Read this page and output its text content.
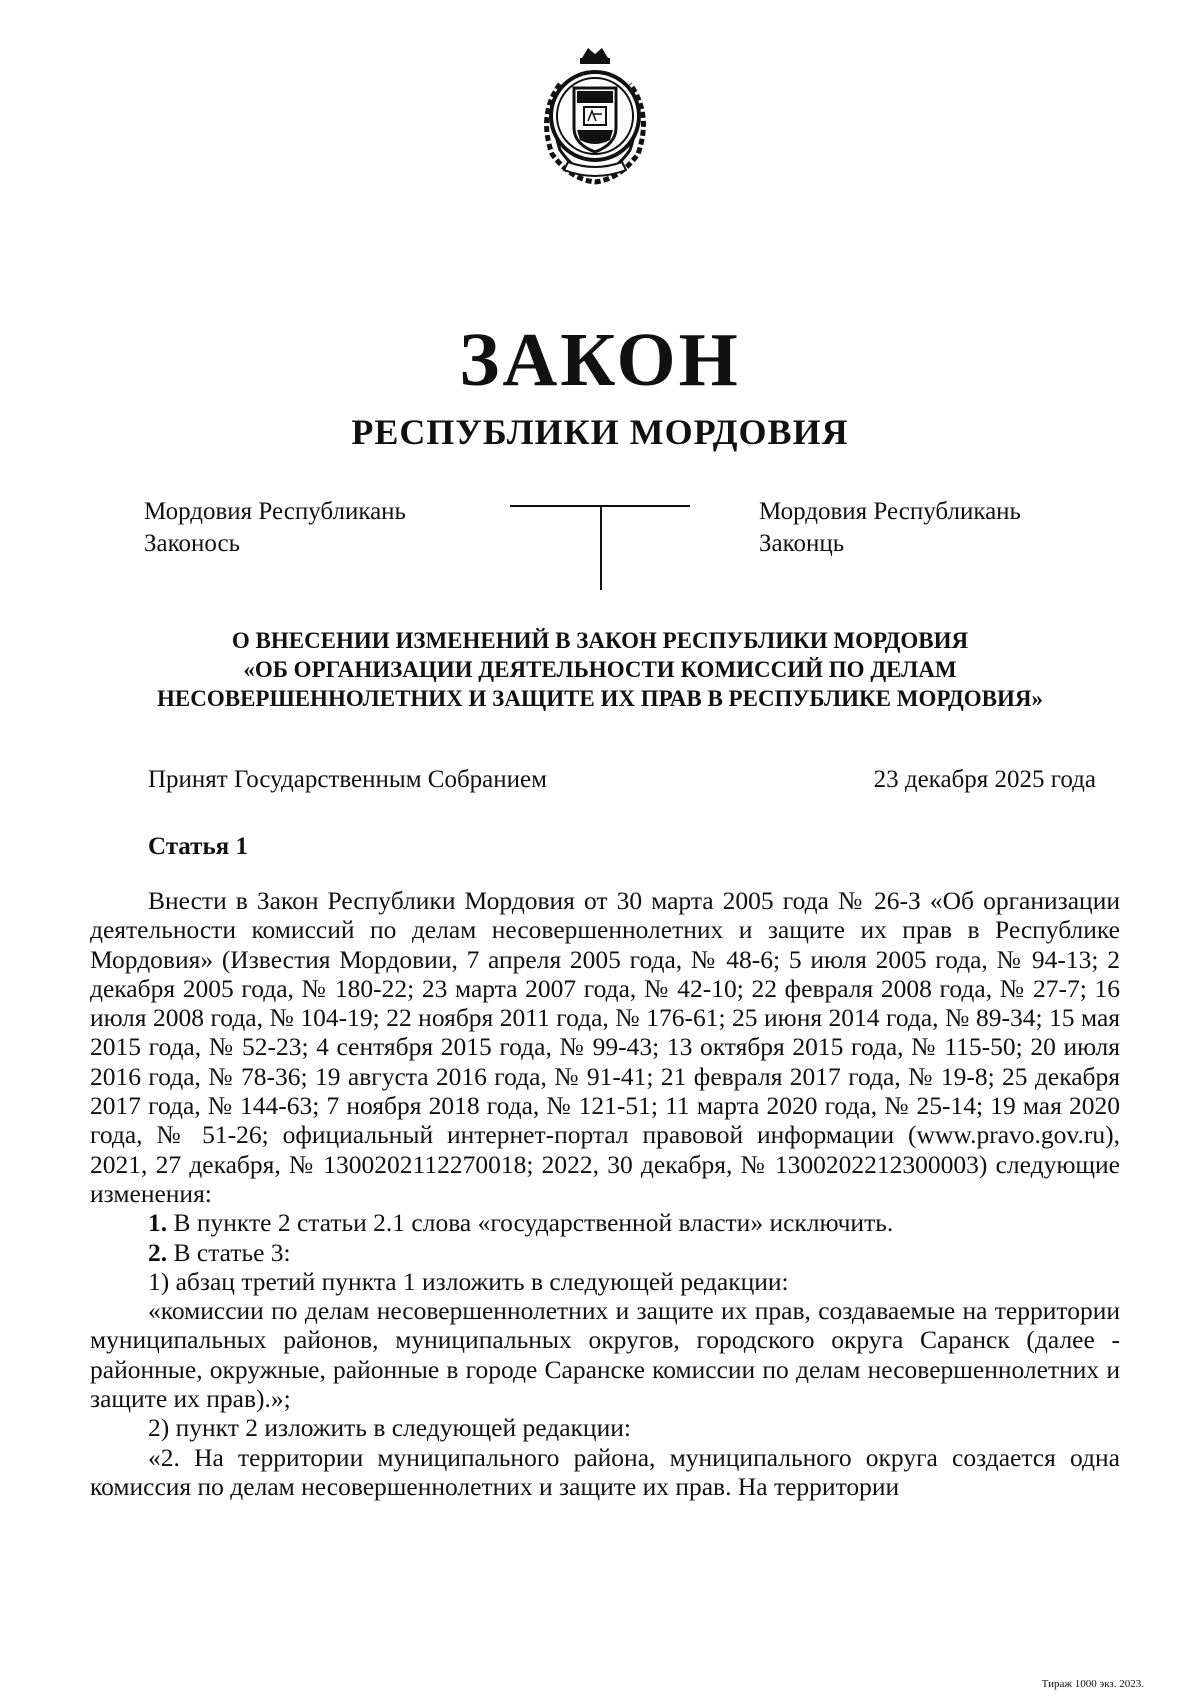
ЗАКОН
РЕСПУБЛИКИ МОРДОВИЯ
Мордовия Республикань
Законось
Мордовия Республикань
Законць
О ВНЕСЕНИИ ИЗМЕНЕНИЙ В ЗАКОН РЕСПУБЛИКИ МОРДОВИЯ
«ОБ ОРГАНИЗАЦИИ ДЕЯТЕЛЬНОСТИ КОМИССИЙ ПО ДЕЛАМ
НЕСОВЕРШЕННОЛЕТНИХ И ЗАЩИТЕ ИХ ПРАВ В РЕСПУБЛИКЕ МОРДОВИЯ»
Принят Государственным Собранием	23 декабря 2025 года
Статья 1

Внести в Закон Республики Мордовия от 30 марта 2005 года № 26-З «Об организации деятельности комиссий по делам несовершеннолетних и защите их прав в Республике Мордовия» (Известия Мордовии, 7 апреля 2005 года, № 48-6; 5 июля 2005 года, № 94-13; 2 декабря 2005 года, № 180-22; 23 марта 2007 года, № 42-10; 22 февраля 2008 года, № 27-7; 16 июля 2008 года, № 104-19; 22 ноября 2011 года, № 176-61; 25 июня 2014 года, № 89-34; 15 мая 2015 года, № 52-23; 4 сентября 2015 года, № 99-43; 13 октября 2015 года, № 115-50; 20 июля 2016 года, № 78-36; 19 августа 2016 года, № 91-41; 21 февраля 2017 года, № 19-8; 25 декабря 2017 года, № 144-63; 7 ноября 2018 года, № 121-51; 11 марта 2020 года, № 25-14; 19 мая 2020 года, № 51-26; официальный интернет-портал правовой информации (www.pravo.gov.ru), 2021, 27 декабря, № 1300202112270018; 2022, 30 декабря, № 1300202212300003) следующие изменения:

1. В пункте 2 статьи 2.1 слова «государственной власти» исключить.

2. В статье 3:

1) абзац третий пункта 1 изложить в следующей редакции:

«комиссии по делам несовершеннолетних и защите их прав, создаваемые на территории муниципальных районов, муниципальных округов, городского округа Саранск (далее - районные, окружные, районные в городе Саранске комиссии по делам несовершеннолетних и защите их прав).»;

2) пункт 2 изложить в следующей редакции:

«2. На территории муниципального района, муниципального округа создается одна комиссия по делам несовершеннолетних и защите их прав. На территории

Тираж 1000 экз. 2023.
